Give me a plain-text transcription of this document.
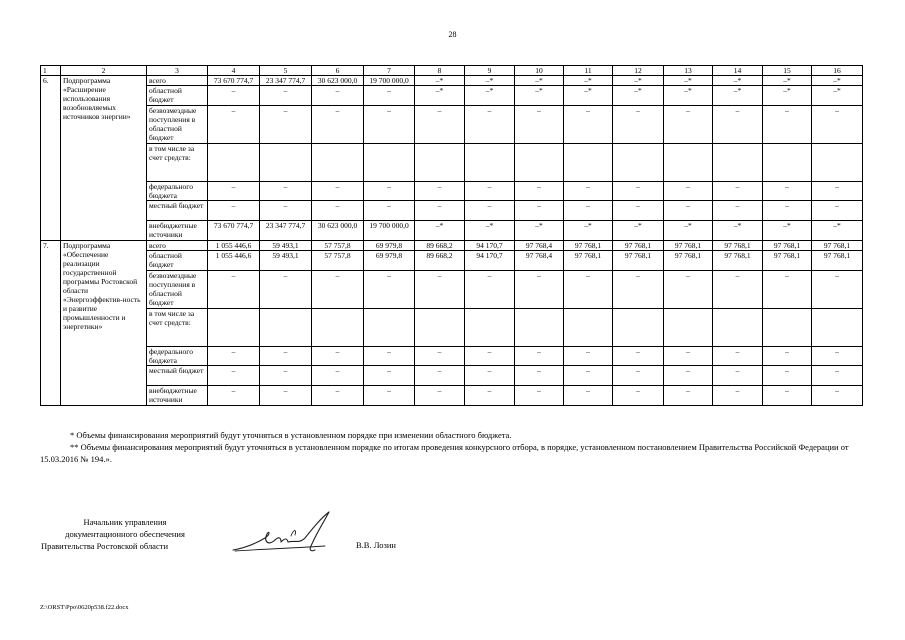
28
1	2	3	4	5	6	7	8	9	10	11	12	13	14	15	16
6.	Подпрограмма «Расширение использования возобновляемых источников энергии»	всего	73 670 774,7	23 347 774,7	30 623 000,0	19 700 000,0	–*	–*	–*	–*	–*	–*	–*	–*	–*
		областной бюджет	–	–	–	–	–*	–*	–*	–*	–*	–*	–*	–*	–*
		безвозмездные поступления в областной бюджет	–	–	–	–	–	–	–	–	–	–	–	–	–
		в том числе за счет средств:													
		федерального бюджета	–	–	–	–	–	–	–	–	–	–	–	–	–
		местный бюджет	–	–	–	–	–	–	–	–	–	–	–	–	–
		внебюджетные источники	73 670 774,7	23 347 774,7	30 623 000,0	19 700 000,0	–*	–*	–*	–*	–*	–*	–*	–*	–*
7.	Подпрограмма «Обеспечение реализации государственной программы Ростовской области «Энергоэффектив-ность и развитие промышленности и энергетики»	всего	1 055 446,6	59 493,1	57 757,8	69 979,8	89 668,2	94 170,7	97 768,4	97 768,1	97 768,1	97 768,1	97 768,1	97 768,1	97 768,1
		областной бюджет	1 055 446,6	59 493,1	57 757,8	69 979,8	89 668,2	94 170,7	97 768,4	97 768,1	97 768,1	97 768,1	97 768,1	97 768,1	97 768,1
		безвозмездные поступления в областной бюджет	–	–	–	–	–	–	–	–	–	–	–	–	–
		в том числе за счет средств:													
		федерального бюджета	–	–	–	–	–	–	–	–	–	–	–	–	–
		местный бюджет	–	–	–	–	–	–	–	–	–	–	–	–	–
		внебюджетные источники	–	–	–	–	–	–	–	–	–	–	–	–	–

* Объемы финансирования мероприятий будут уточняться в установленном порядке при изменении областного бюджета.

** Объемы финансирования мероприятий будут уточняться в установленном порядке по итогам проведения конкурсного отбора, в порядке, установленном постановлением Правительства Российской Федерации от 15.03.2016 № 194.».

Начальник управления
документационного обеспечения
Правительства Ростовской области	В.В. Лозин
Z:\ORST\Ppo\0620p538.f22.docx
